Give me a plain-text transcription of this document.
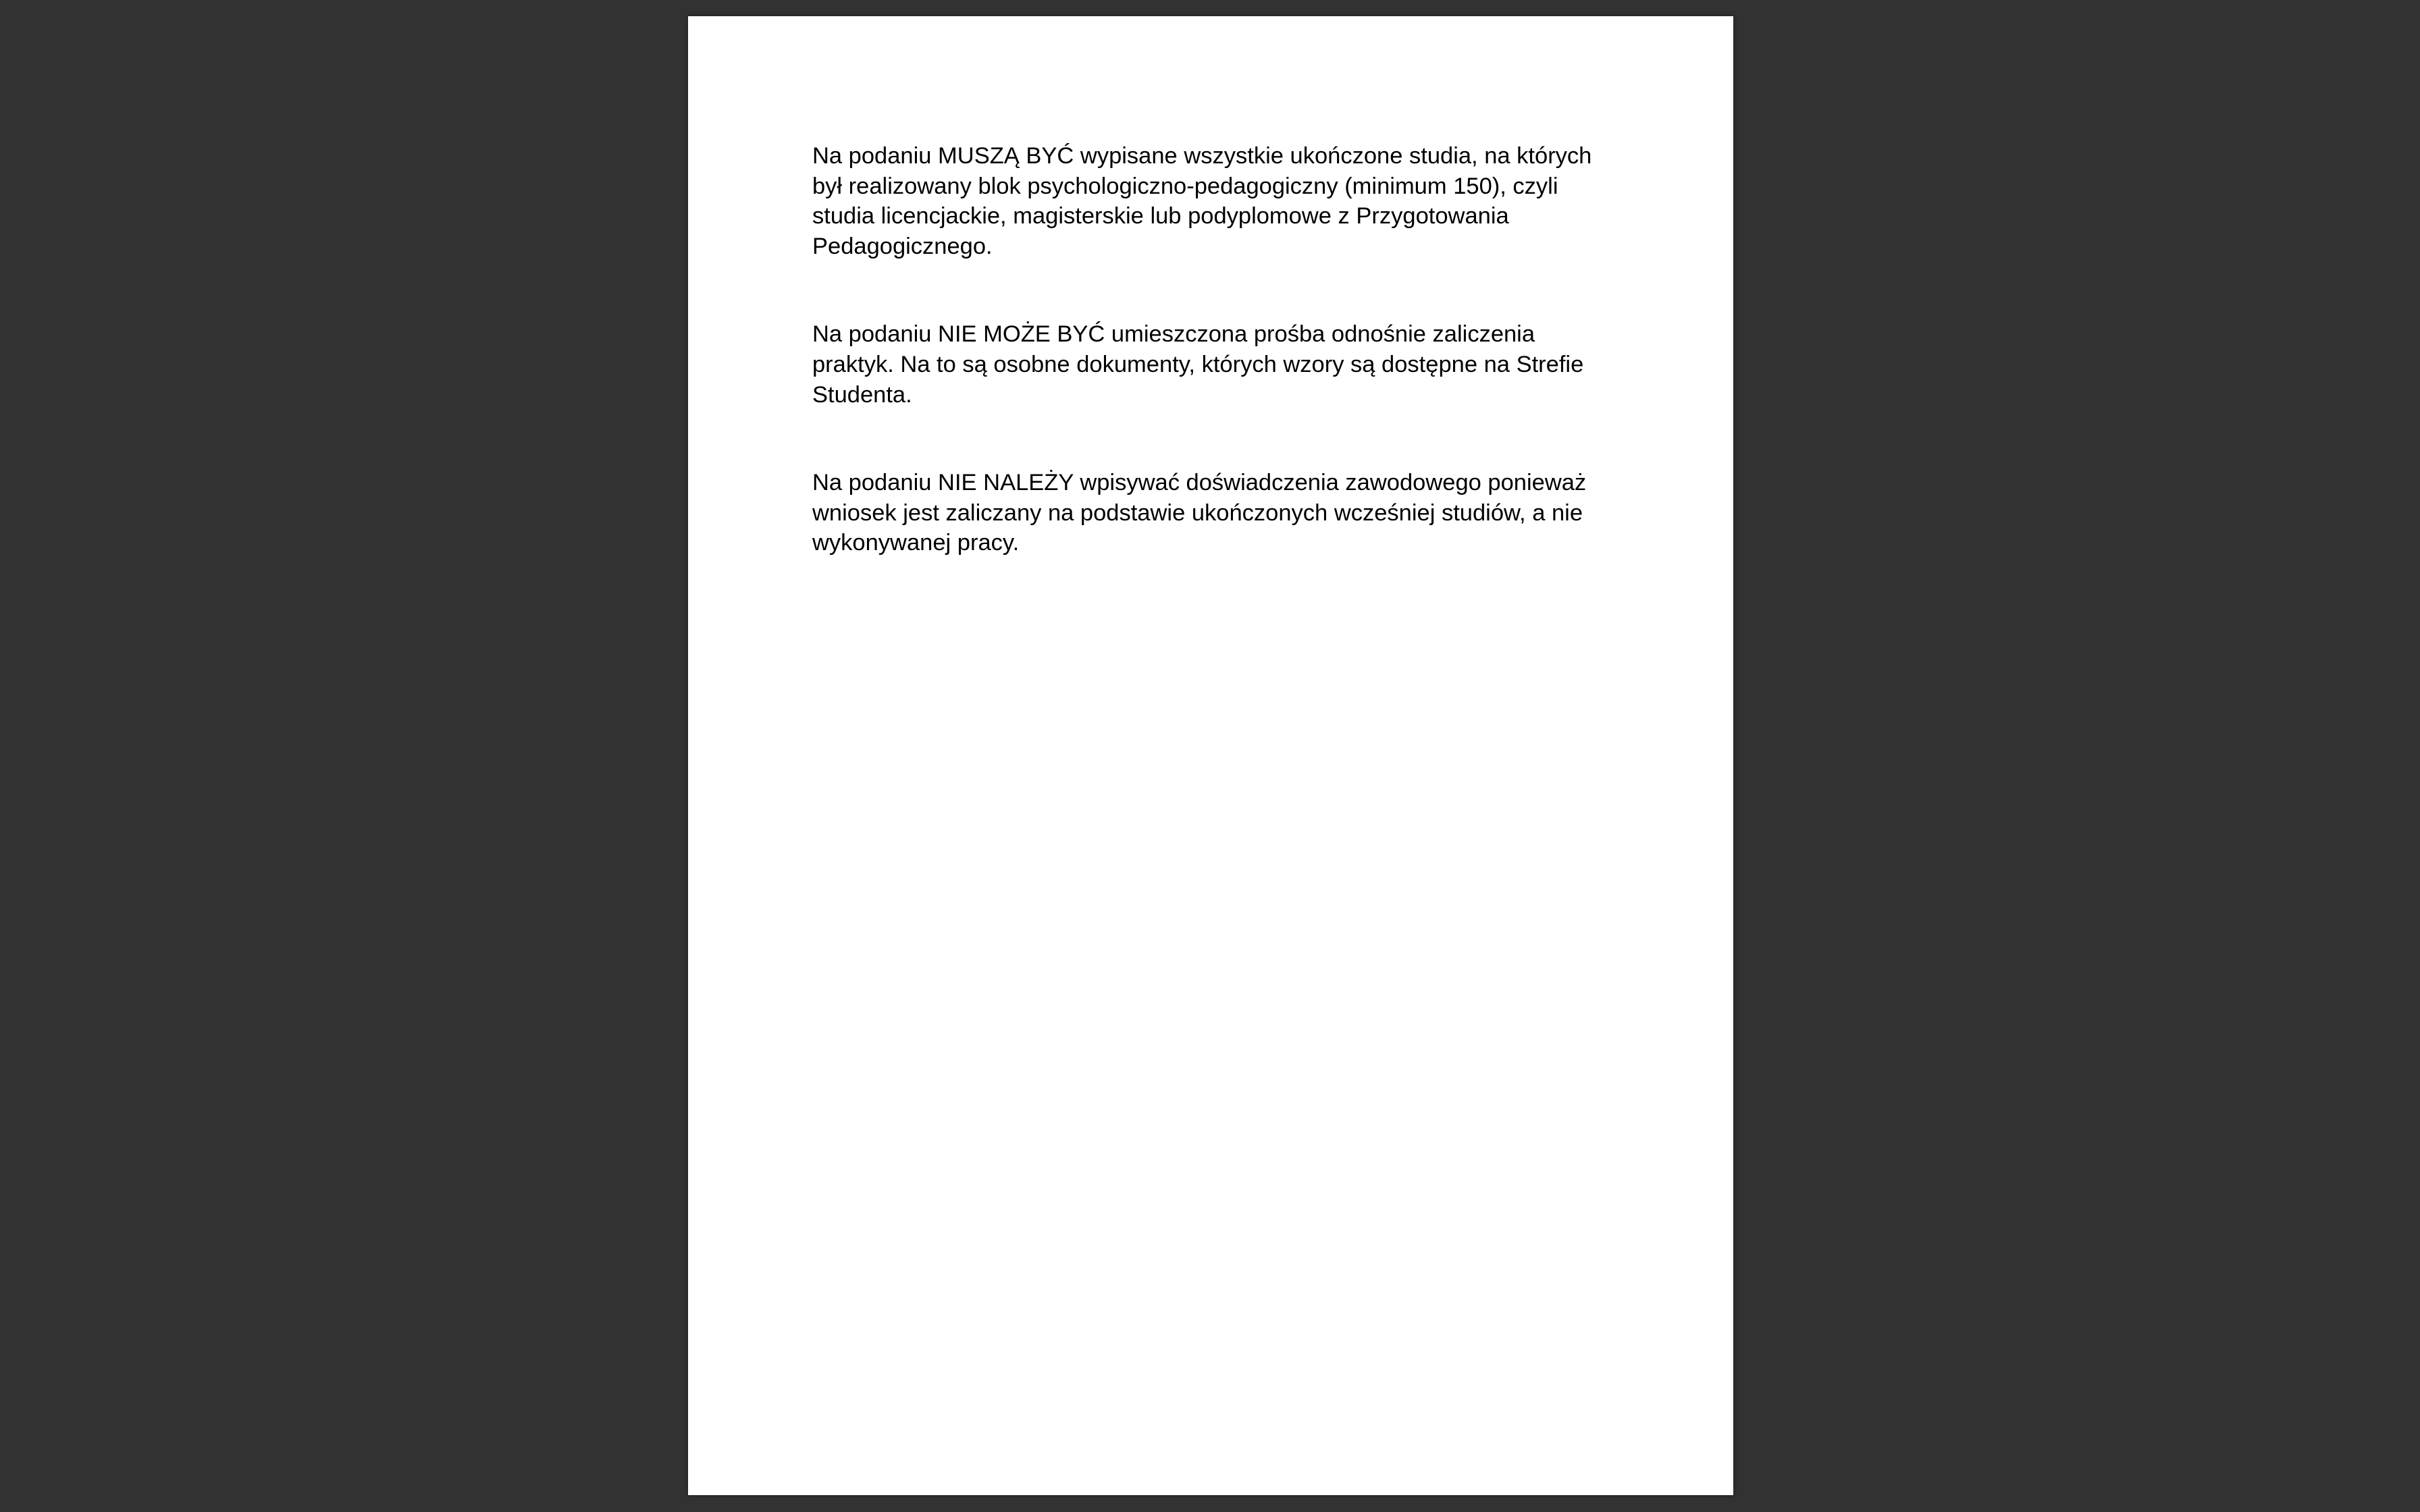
Na podaniu MUSZĄ BYĆ wypisane wszystkie ukończone studia, na których
był realizowany blok psychologiczno-pedagogiczny (minimum 150), czyli
studia licencjackie, magisterskie lub podyplomowe z Przygotowania
Pedagogicznego.

Na podaniu NIE MOŻE BYĆ umieszczona prośba odnośnie zaliczenia
praktyk. Na to są osobne dokumenty, których wzory są dostępne na Strefie
Studenta.

Na podaniu NIE NALEŻY wpisywać doświadczenia zawodowego ponieważ
wniosek jest zaliczany na podstawie ukończonych wcześniej studiów, a nie
wykonywanej pracy.
